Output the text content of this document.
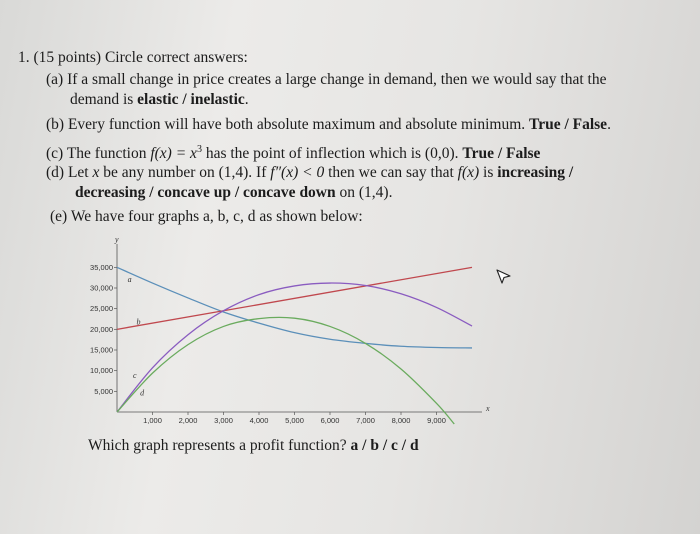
1. (15 points) Circle correct answers:
(a) If a small change in price creates a large change in demand, then we would say that the
demand is elastic / inelastic.
(b) Every function will have both absolute maximum and absolute minimum. True / False.
(c) The function $f(x) = x^3$ has the point of inflection which is (0,0). True / False
(d) Let x be any number on (1,4). If f″(x) < 0 then we can say that f(x) is increasing /
decreasing / concave up / concave down on (1,4).
(e) We have four graphs a, b, c, d as shown below:
x
y
5,000
10,000
15,000
20,000
25,000
30,000
35,000
1,000 2,000 3,000 4,000 5,000 6,000 7,000 8,000 9,000
a
b
c
d
Which graph represents a profit function? a / b / c / d
